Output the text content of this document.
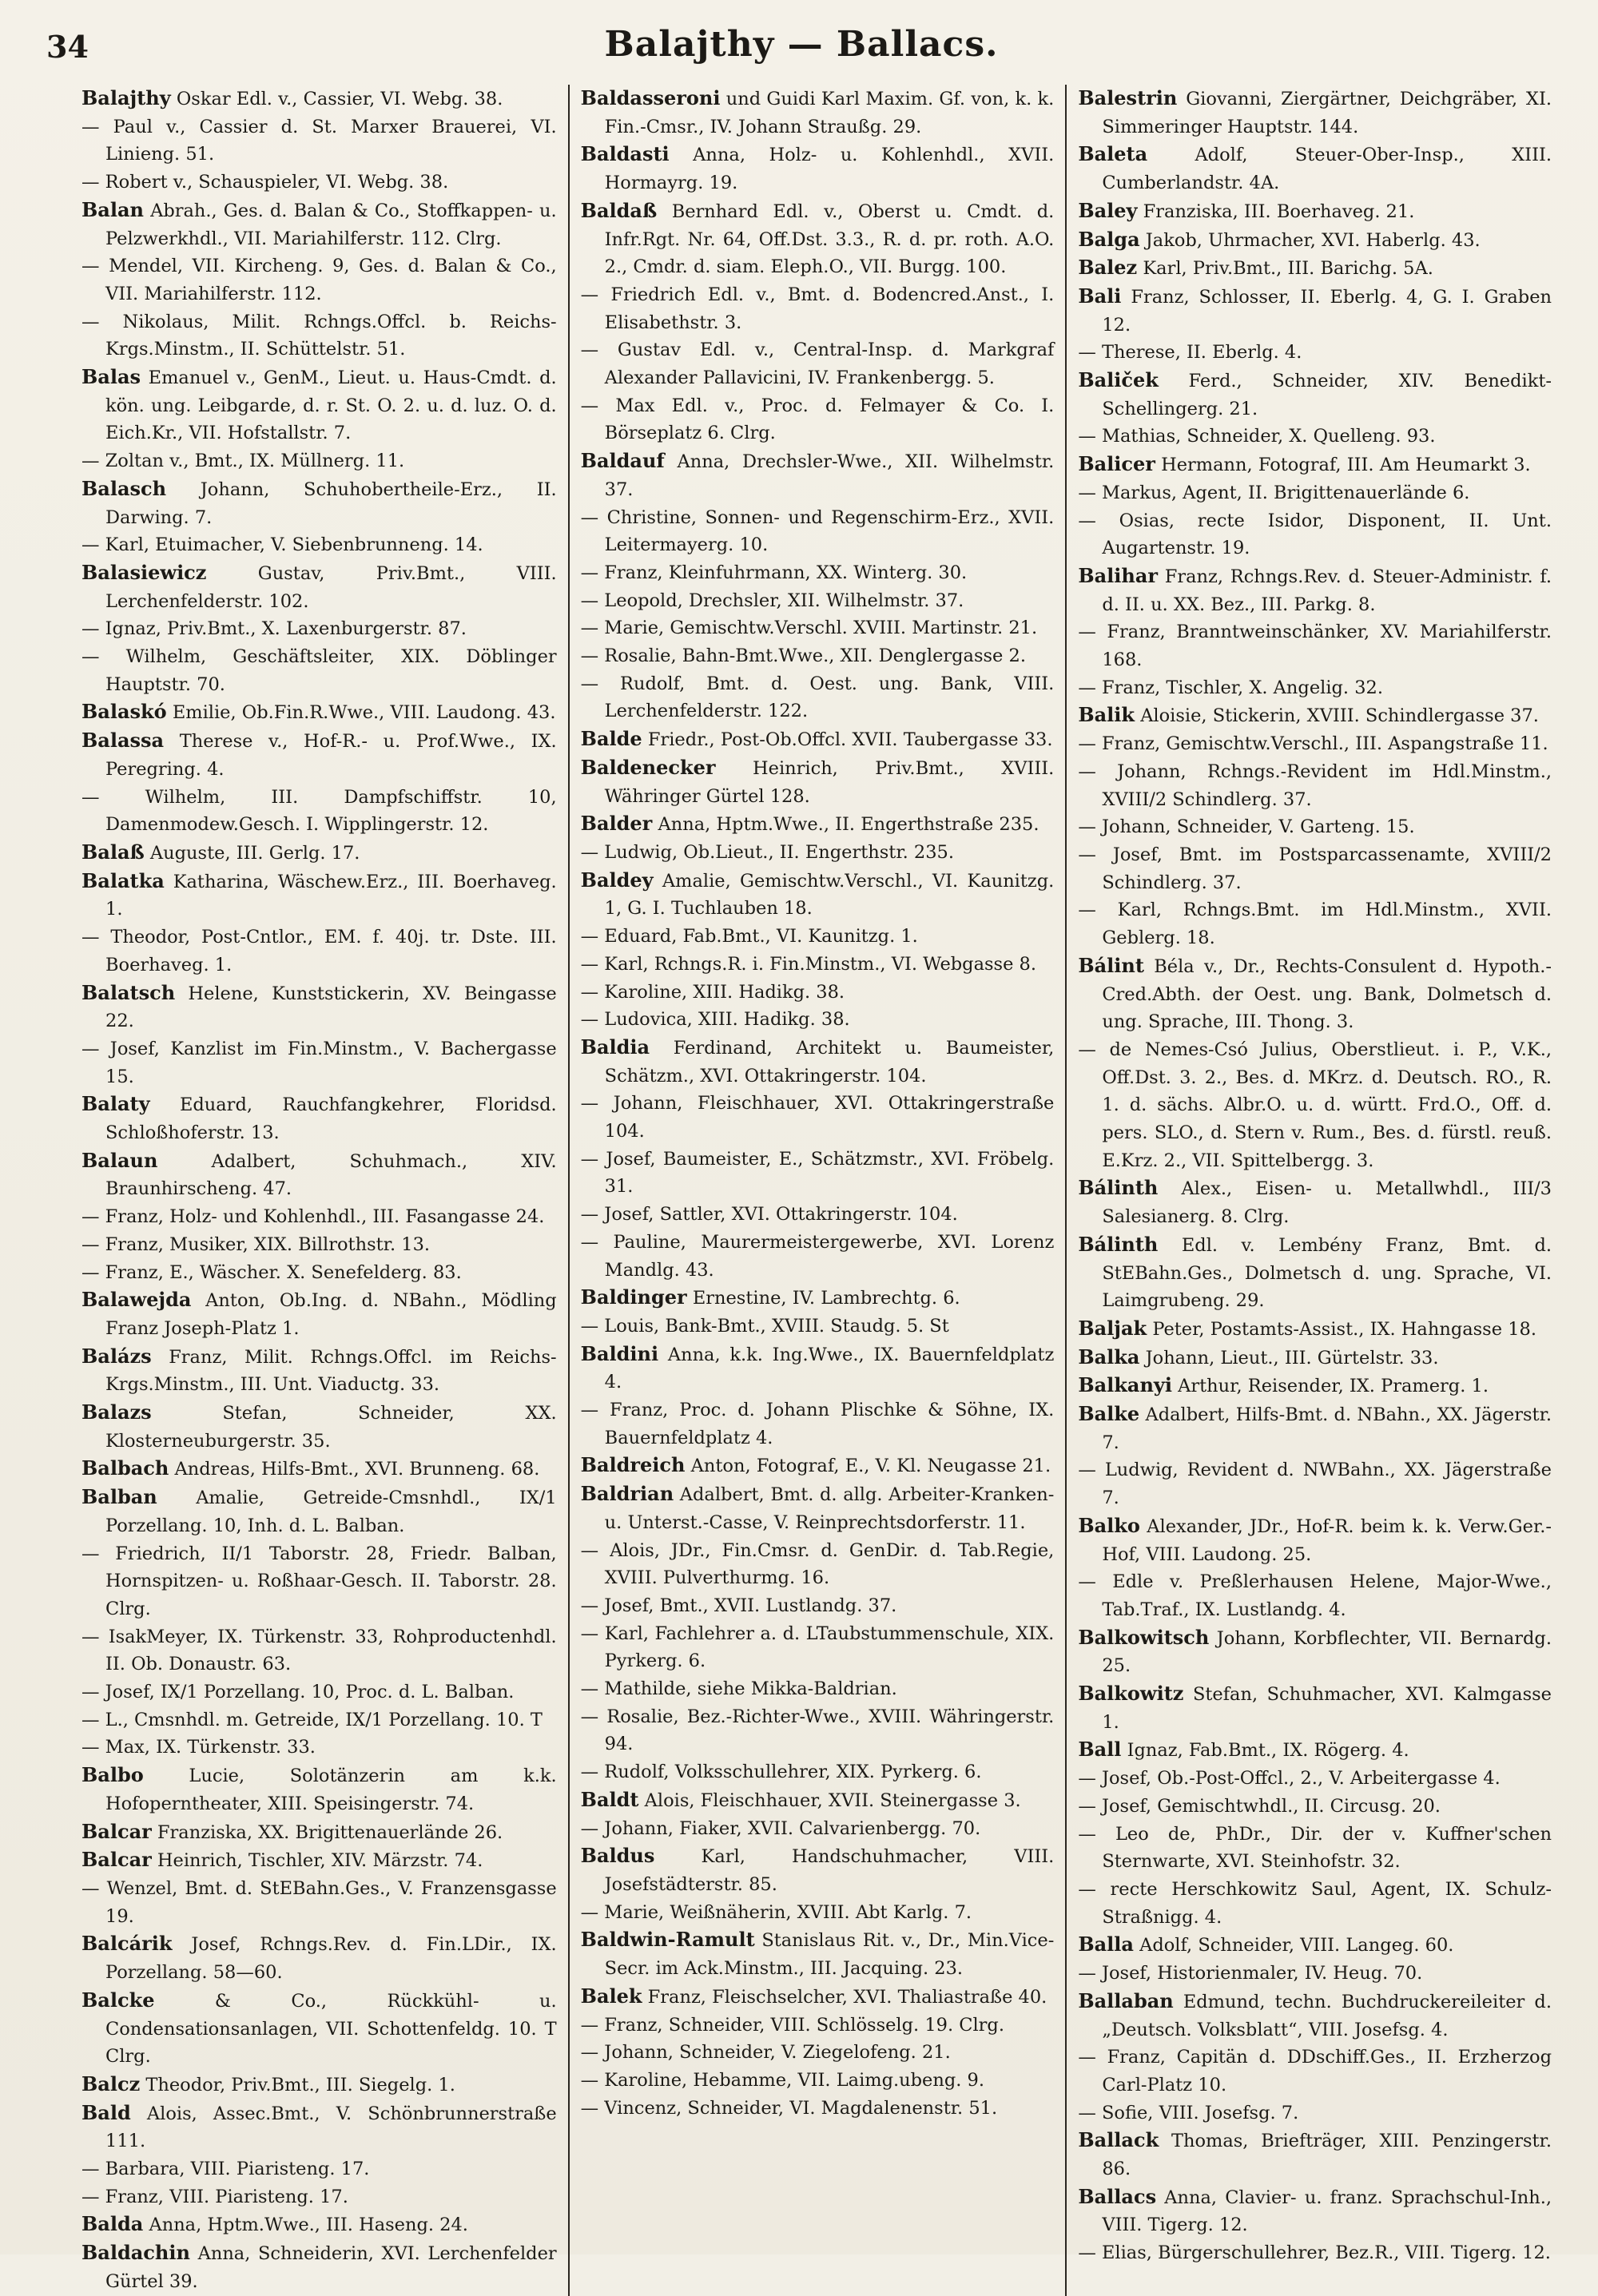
34	Balajthy — Ballacs.

Balajthy Oskar Edl. v., Cassier, VI. Webg. 38.

— Paul v., Cassier d. St. Marxer Brauerei, VI. Linieng. 51.

— Robert v., Schauspieler, VI. Webg. 38.

Balan Abrah., Ges. d. Balan & Co., Stoffkappen- u. Pelzwerkhdl., VII. Mariahilferstr. 112. Clrg.

— Mendel, VII. Kircheng. 9, Ges. d. Balan & Co., VII. Mariahilferstr. 112.

— Nikolaus, Milit. Rchngs.Offcl. b. Reichs-Krgs.Minstm., II. Schüttelstr. 51.

Balas Emanuel v., GenM., Lieut. u. Haus-Cmdt. d. kön. ung. Leibgarde, d. r. St. O. 2. u. d. luz. O. d. Eich.Kr., VII. Hofstallstr. 7.

— Zoltan v., Bmt., IX. Müllnerg. 11.

Balasch Johann, Schuhobertheile-Erz., II. Darwing. 7.

— Karl, Etuimacher, V. Siebenbrunneng. 14.

Balasiewicz	Gustav, Priv.Bmt., VIII. Lerchenfelderstr. 102.

— Ignaz, Priv.Bmt., X. Laxenburgerstr. 87.

— Wilhelm, Geschäftsleiter, XIX. Döblinger Hauptstr. 70.

Balaskó Emilie, Ob.Fin.R.Wwe., VIII. Laudong. 43.

Balassa Therese v., Hof-R.- u. Prof.Wwe., IX. Peregring. 4.

— Wilhelm, III. Dampfschiffstr. 10, Damenmodew.Gesch. I. Wipplingerstr. 12.

Balaß Auguste, III. Gerlg. 17.

Balatka Katharina, Wäschew.Erz., III. Boerhaveg. 1.

— Theodor, Post-Cntlor., EM. f. 40j. tr. Dste. III. Boerhaveg. 1.

Balatsch Helene, Kunststickerin, XV. Beingasse 22.

— Josef, Kanzlist im Fin.Minstm., V. Bachergasse 15.

Balaty Eduard, Rauchfangkehrer, Floridsd. Schloßhoferstr. 13.

Balaun	Adalbert, Schuhmach., XIV. Braunhirscheng. 47.

— Franz, Holz- und Kohlenhdl., III. Fasangasse 24.

— Franz, Musiker, XIX. Billrothstr. 13.

— Franz, E., Wäscher. X. Senefelderg. 83.

Balawejda Anton, Ob.Ing. d. NBahn., Mödling Franz Joseph-Platz 1.

Balázs Franz, Milit. Rchngs.Offcl. im Reichs-Krgs.Minstm., III. Unt. Viaductg. 33.

Balazs	Stefan, Schneider, XX. Klosterneuburgerstr. 35.

Balbach Andreas, Hilfs-Bmt., XVI. Brunneng. 68.

Balban Amalie, Getreide-Cmsnhdl., IX/1 Porzellang. 10, Inh. d. L. Balban.

— Friedrich, II/1 Taborstr. 28, Friedr. Balban, Hornspitzen- u. Roßhaar-Gesch. II. Taborstr. 28. Clrg.

— IsakMeyer, IX. Türkenstr. 33, Rohproductenhdl. II. Ob. Donaustr. 63.

— Josef, IX/1 Porzellang. 10, Proc. d. L. Balban.

— L., Cmsnhdl. m. Getreide, IX/1 Porzellang. 10. T

— Max, IX. Türkenstr. 33.

Balbo	Lucie, Solotänzerin am k.k. Hofoperntheater, XIII. Speisingerstr. 74.

Balcar Franziska, XX. Brigittenauerlände 26.

Balcar Heinrich, Tischler, XIV. Märzstr. 74.

— Wenzel, Bmt. d. StEBahn.Ges., V. Franzensgasse 19.

Balcárik Josef, Rchngs.Rev. d. Fin.LDir., IX. Porzellang. 58—60.

Balcke	& Co., Rückkühl- u. Condensationsanlagen, VII. Schottenfeldg. 10. T Clrg.

Balcz Theodor, Priv.Bmt., III. Siegelg. 1.

Bald Alois, Assec.Bmt., V. Schönbrunnerstraße 111.

— Barbara, VIII. Piaristeng. 17.

— Franz, VIII. Piaristeng. 17.

Balda Anna, Hptm.Wwe., III. Haseng. 24.

Baldachin Anna, Schneiderin, XVI. Lerchenfelder Gürtel 39.

Baldasseroni und Guidi Karl Maxim. Gf. von, k. k. Fin.-Cmsr., IV. Johann Straußg. 29.

Baldasti Anna, Holz- u. Kohlenhdl., XVII. Hormayrg. 19.

Baldaß Bernhard Edl. v., Oberst u. Cmdt. d. Infr.Rgt. Nr. 64, Off.Dst. 3.3., R. d. pr. roth. A.O. 2., Cmdr. d. siam. Eleph.O., VII. Burgg. 100.

— Friedrich Edl. v., Bmt. d. Bodencred.Anst., I. Elisabethstr. 3.

— Gustav Edl. v., Central-Insp. d. Markgraf Alexander Pallavicini, IV. Frankenbergg. 5.

— Max Edl. v., Proc. d. Felmayer & Co. I. Börseplatz 6. Clrg.

Baldauf Anna, Drechsler-Wwe., XII. Wilhelmstr. 37.

— Christine, Sonnen- und Regenschirm-Erz., XVII. Leitermayerg. 10.

— Franz, Kleinfuhrmann, XX. Winterg. 30.

— Leopold, Drechsler, XII. Wilhelmstr. 37.

— Marie, Gemischtw.Verschl. XVIII. Martinstr. 21.

— Rosalie, Bahn-Bmt.Wwe., XII. Denglergasse 2.

— Rudolf, Bmt. d. Oest. ung. Bank, VIII. Lerchenfelderstr. 122.

Balde Friedr., Post-Ob.Offcl. XVII. Taubergasse 33.

Baldenecker Heinrich, Priv.Bmt., XVIII. Währinger Gürtel 128.

Balder Anna, Hptm.Wwe., II. Engerthstraße 235.

— Ludwig, Ob.Lieut., II. Engerthstr. 235.

Baldey Amalie, Gemischtw.Verschl., VI. Kaunitzg. 1, G. I. Tuchlauben 18.

— Eduard, Fab.Bmt., VI. Kaunitzg. 1.

— Karl, Rchngs.R. i. Fin.Minstm., VI. Webgasse 8.

— Karoline, XIII. Hadikg. 38.

— Ludovica, XIII. Hadikg. 38.

Baldia Ferdinand, Architekt u. Baumeister, Schätzm., XVI. Ottakringerstr. 104.

— Johann, Fleischhauer, XVI. Ottakringerstraße 104.

— Josef, Baumeister, E., Schätzmstr., XVI. Fröbelg. 31.

— Josef, Sattler, XVI. Ottakringerstr. 104.

— Pauline, Maurermeistergewerbe, XVI. Lorenz Mandlg. 43.

Baldinger Ernestine, IV. Lambrechtg. 6.

— Louis, Bank-Bmt., XVIII. Staudg. 5. St

Baldini Anna, k.k. Ing.Wwe., IX. Bauernfeldplatz 4.

— Franz, Proc. d. Johann Plischke & Söhne, IX. Bauernfeldplatz 4.

Baldreich Anton, Fotograf, E., V. Kl. Neugasse 21.

Baldrian Adalbert, Bmt. d. allg. Arbeiter-Kranken- u. Unterst.-Casse, V. Reinprechtsdorferstr. 11.

— Alois, JDr., Fin.Cmsr. d. GenDir. d. Tab.Regie, XVIII. Pulverthurmg. 16.

— Josef, Bmt., XVII. Lustlandg. 37.

— Karl, Fachlehrer a. d. LTaubstummenschule, XIX. Pyrkerg. 6.

— Mathilde, siehe Mikka-Baldrian.

— Rosalie, Bez.-Richter-Wwe., XVIII. Währingerstr. 94.

— Rudolf, Volksschullehrer, XIX. Pyrkerg. 6.

Baldt Alois, Fleischhauer, XVII. Steinergasse 3.

— Johann, Fiaker, XVII. Calvarienbergg. 70.

Baldus	Karl, Handschuhmacher, VIII. Josefstädterstr. 85.

— Marie, Weißnäherin, XVIII. Abt Karlg. 7.

Baldwin-Ramult Stanislaus Rit. v., Dr., Min.Vice-Secr. im Ack.Minstm., III. Jacquing. 23.

Balek Franz, Fleischselcher, XVI. Thaliastraße 40.

— Franz, Schneider, VIII. Schlösselg. 19. Clrg.

— Johann, Schneider, V. Ziegelofeng. 21.

— Karoline, Hebamme, VII. Laimg.ubeng. 9.

— Vincenz, Schneider, VI. Magdalenenstr. 51.

Balestrin Giovanni, Ziergärtner, Deichgräber, XI. Simmeringer Hauptstr. 144.

Baleta	Adolf, Steuer-Ober-Insp., XIII. Cumberlandstr. 4A.

Baley Franziska, III. Boerhaveg. 21.

Balga Jakob, Uhrmacher, XVI. Haberlg. 43.

Balez Karl, Priv.Bmt., III. Barichg. 5A.

Bali Franz, Schlosser, II. Eberlg. 4, G. I. Graben 12.

— Therese, II. Eberlg. 4.

Baliček Ferd., Schneider, XIV. Benedikt-Schellingerg. 21.

— Mathias, Schneider, X. Quelleng. 93.

Balicer Hermann, Fotograf, III. Am Heumarkt 3.

— Markus, Agent, II. Brigittenauerlände 6.

— Osias, recte Isidor, Disponent, II. Unt. Augartenstr. 19.

Balihar Franz, Rchngs.Rev. d. Steuer-Administr. f. d. II. u. XX. Bez., III. Parkg. 8.

— Franz, Branntweinschänker, XV. Mariahilferstr. 168.

— Franz, Tischler, X. Angelig. 32.

Balik Aloisie, Stickerin, XVIII. Schindlergasse 37.

— Franz, Gemischtw.Verschl., III. Aspangstraße 11.

— Johann, Rchngs.-Revident im Hdl.Minstm., XVIII/2 Schindlerg. 37.

— Johann, Schneider, V. Garteng. 15.

— Josef, Bmt. im Postsparcassenamte, XVIII/2 Schindlerg. 37.

— Karl, Rchngs.Bmt. im Hdl.Minstm., XVII. Geblerg. 18.

Bálint Béla v., Dr., Rechts-Consulent d. Hypoth.-Cred.Abth. der Oest. ung. Bank, Dolmetsch d. ung. Sprache, III. Thong. 3.

— de Nemes-Csó Julius, Oberstlieut. i. P., V.K., Off.Dst. 3. 2., Bes. d. MKrz. d. Deutsch. RO., R. 1. d. sächs. Albr.O. u. d. württ. Frd.O., Off. d. pers. SLO., d. Stern v. Rum., Bes. d. fürstl. reuß. E.Krz. 2., VII. Spittelbergg. 3.

Bálinth Alex., Eisen- u. Metallwhdl., III/3 Salesianerg. 8. Clrg.

Bálinth Edl. v. Lembény Franz, Bmt. d. StEBahn.Ges., Dolmetsch d. ung. Sprache, VI. Laimgrubeng. 29.

Baljak Peter, Postamts-Assist., IX. Hahngasse 18.

Balka Johann, Lieut., III. Gürtelstr. 33.

Balkanyi Arthur, Reisender, IX. Pramerg. 1.

Balke Adalbert, Hilfs-Bmt. d. NBahn., XX. Jägerstr. 7.

— Ludwig, Revident d. NWBahn., XX. Jägerstraße 7.

Balko Alexander, JDr., Hof-R. beim k. k. Verw.Ger.-Hof, VIII. Laudong. 25.

— Edle v. Preßlerhausen Helene, Major-Wwe., Tab.Traf., IX. Lustlandg. 4.

Balkowitsch Johann, Korbflechter, VII. Bernardg. 25.

Balkowitz Stefan, Schuhmacher, XVI. Kalmgasse 1.

Ball Ignaz, Fab.Bmt., IX. Rögerg. 4.

— Josef, Ob.-Post-Offcl., 2., V. Arbeitergasse 4.

— Josef, Gemischtwhdl., II. Circusg. 20.

— Leo de, PhDr., Dir. der v. Kuffner'schen Sternwarte, XVI. Steinhofstr. 32.

— recte Herschkowitz Saul, Agent, IX. Schulz-Straßnigg. 4.

Balla Adolf, Schneider, VIII. Langeg. 60.

— Josef, Historienmaler, IV. Heug. 70.

Ballaban Edmund, techn. Buchdruckereileiter d. „Deutsch. Volksblatt“, VIII. Josefsg. 4.

— Franz, Capitän d. DDschiff.Ges., II. Erzherzog Carl-Platz 10.

— Sofie, VIII. Josefsg. 7.

Ballack Thomas, Briefträger, XIII. Penzingerstr. 86.

Ballacs Anna, Clavier- u. franz. Sprachschul-Inh., VIII. Tigerg. 12.

— Elias, Bürgerschullehrer, Bez.R., VIII. Tigerg. 12.
